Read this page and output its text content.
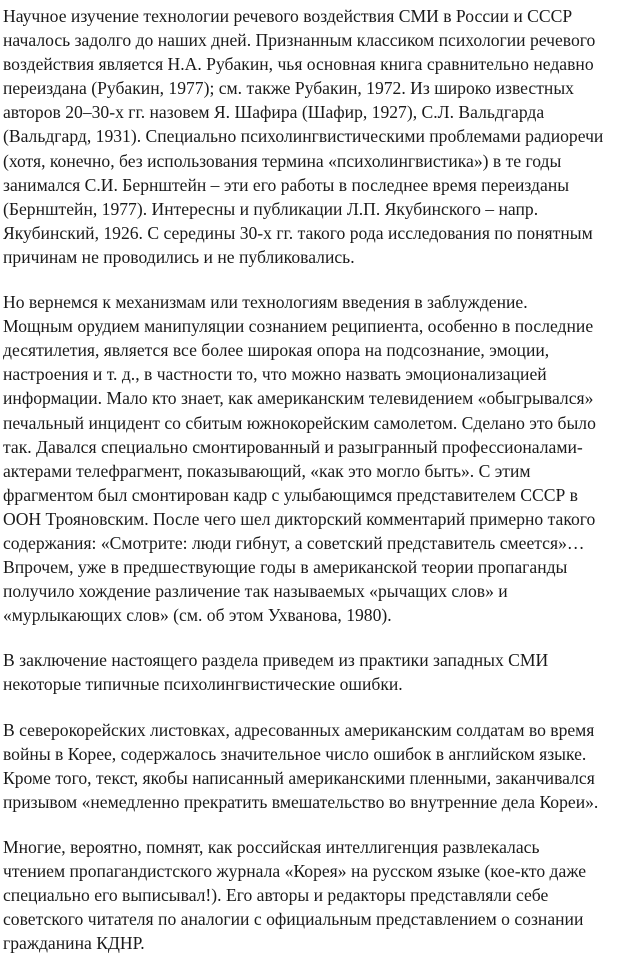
Научное изучение технологии речевого воздействия СМИ в России и СССР
началось задолго до наших дней. Признанным классиком психологии речевого
воздействия является Н.А. Рубакин, чья основная книга сравнительно недавно
переиздана (Рубакин, 1977); см. также Рубакин, 1972. Из широко известных
авторов 20–30-х гг. назовем Я. Шафира (Шафир, 1927), С.Л. Вальдгарда
(Вальдгард, 1931). Специально психолингвистическими проблемами радиоречи
(хотя, конечно, без использования термина «психолингвистика») в те годы
занимался С.И. Бернштейн – эти его работы в последнее время переизданы
(Бернштейн, 1977). Интересны и публикации Л.П. Якубинского – напр.
Якубинский, 1926. С середины 30-х гг. такого рода исследования по понятным
причинам не проводились и не публиковались.
Но вернемся к механизмам или технологиям введения в заблуждение.
Мощным орудием манипуляции сознанием реципиента, особенно в последние
десятилетия, является все более широкая опора на подсознание, эмоции,
настроения и т. д., в частности то, что можно назвать эмоционализацией
информации. Мало кто знает, как американским телевидением «обыгрывался»
печальный инцидент со сбитым южнокорейским самолетом. Сделано это было
так. Давался специально смонтированный и разыгранный профессионалами-
актерами телефрагмент, показывающий, «как это могло быть». С этим
фрагментом был смонтирован кадр с улыбающимся представителем СССР в
ООН Трояновским. После чего шел дикторский комментарий примерно такого
содержания: «Смотрите: люди гибнут, а советский представитель смеется»…
Впрочем, уже в предшествующие годы в американской теории пропаганды
получило хождение различение так называемых «рычащих слов» и
«мурлыкающих слов» (см. об этом Ухванова, 1980).
В заключение настоящего раздела приведем из практики западных СМИ
некоторые типичные психолингвистические ошибки.
В северокорейских листовках, адресованных американским солдатам во время
войны в Корее, содержалось значительное число ошибок в английском языке.
Кроме того, текст, якобы написанный американскими пленными, заканчивался
призывом «немедленно прекратить вмешательство во внутренние дела Кореи».
Многие, вероятно, помнят, как российская интеллигенция развлекалась
чтением пропагандистского журнала «Корея» на русском языке (кое-кто даже
специально его выписывал!). Его авторы и редакторы представляли себе
советского читателя по аналогии с официальным представлением о сознании
гражданина КДНР.
